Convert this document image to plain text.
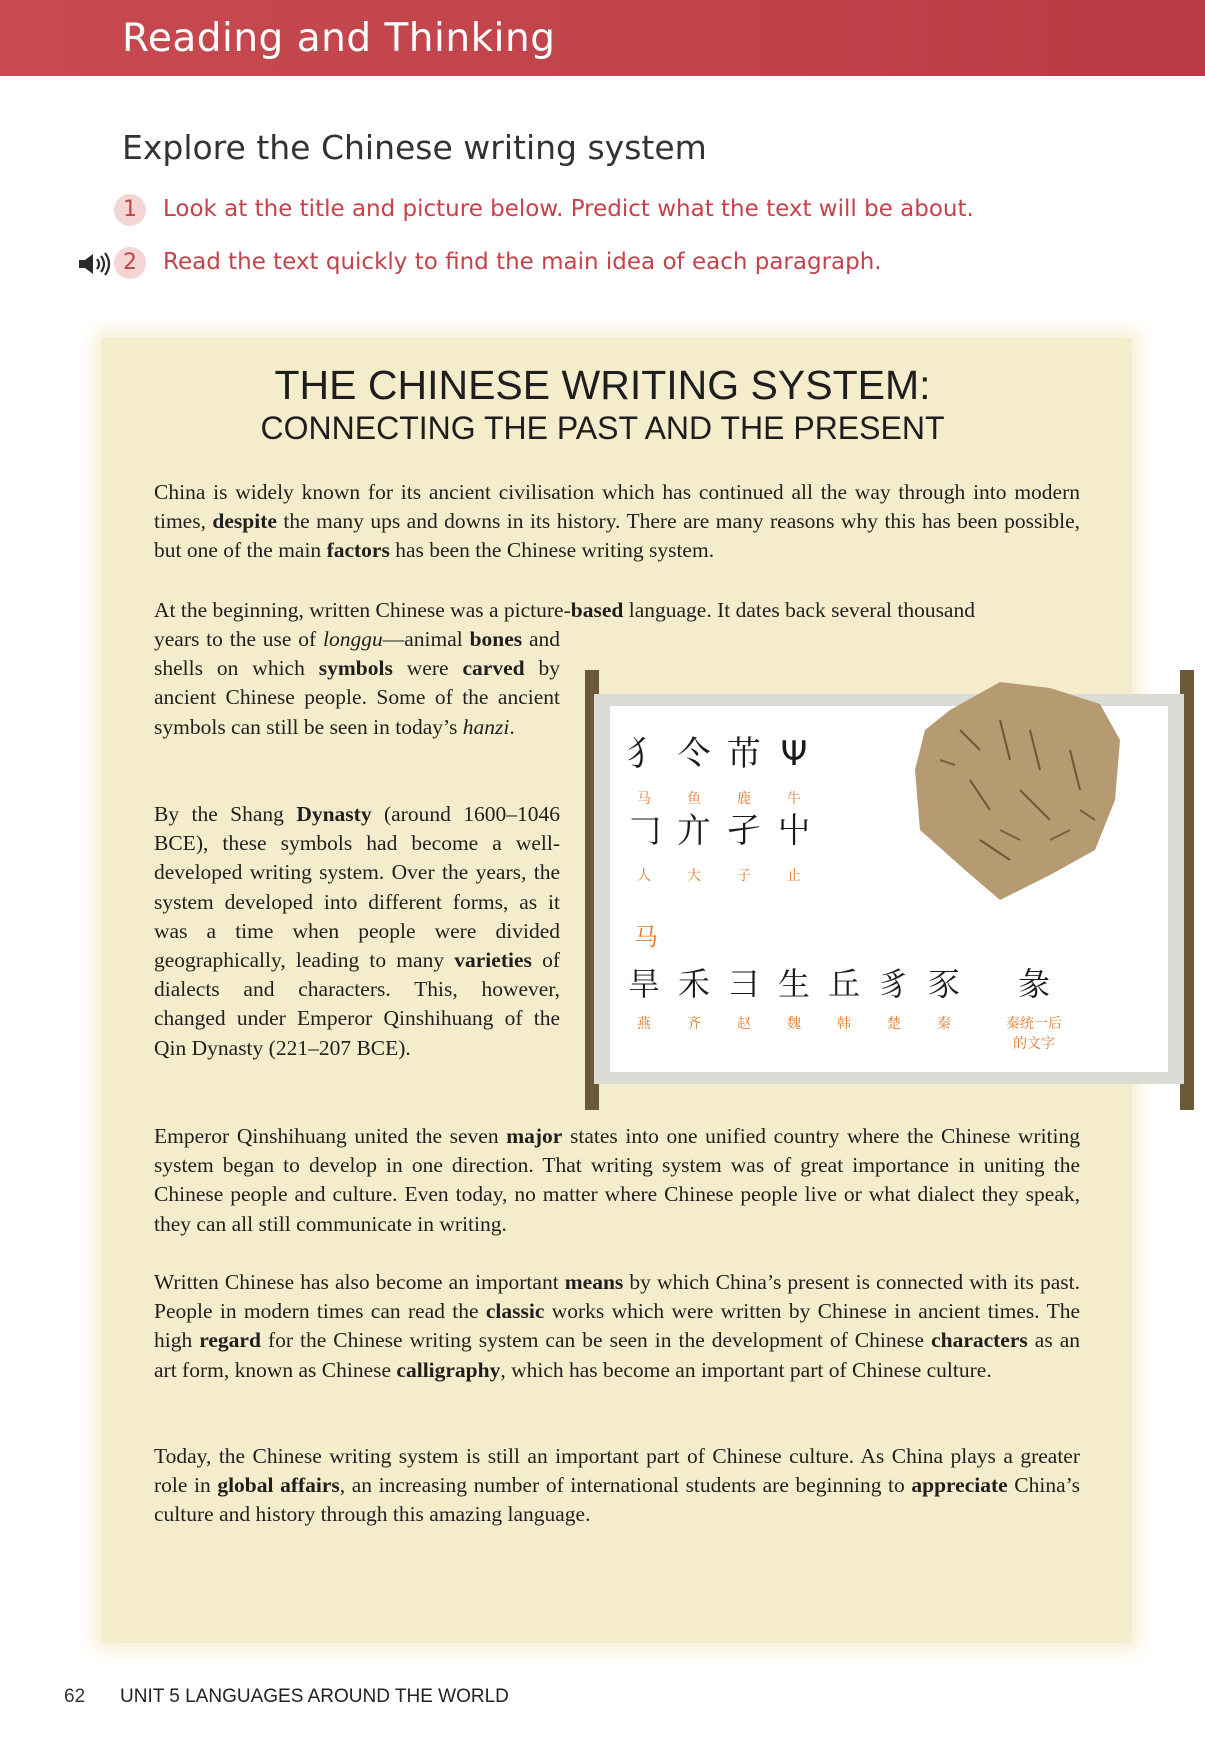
Reading and Thinking
Explore the Chinese writing system
1	Look at the title and picture below. Predict what the text will be about.
2	Read the text quickly to find the main idea of each paragraph.
THE CHINESE WRITING SYSTEM:
CONNECTING THE PAST AND THE PRESENT
China is widely known for its ancient civilisation which has continued all the way through into modern times, despite the many ups and downs in its history. There are many reasons why this has been possible, but one of the main factors has been the Chinese writing system.
At the beginning, written Chinese was a picture-based language. It dates back several thousand
years to the use of longgu—animal bones and shells on which symbols were carved by ancient Chinese people. Some of the ancient symbols can still be seen in today’s hanzi.
By the Shang Dynasty (around 1600–1046 BCE), these symbols had become a well-developed writing system. Over the years, the system developed into different forms, as it was a time when people were divided geographically, leading to many varieties of dialects and characters. This, however, changed under Emperor Qinshihuang of the Qin Dynasty (221–207 BCE).
犭 仒 芇 Ψ
𠃌 亣 孑 屮
马	鱼	鹿	牛
人	大	子	止
马
旱 禾 彐 生 丘 豸 豕 彖
燕	齐	赵	魏	韩	楚	秦	秦统一后
的文字
Emperor Qinshihuang united the seven major states into one unified country where the Chinese writing system began to develop in one direction. That writing system was of great importance in uniting the Chinese people and culture. Even today, no matter where Chinese people live or what dialect they speak, they can all still communicate in writing.
Written Chinese has also become an important means by which China’s present is connected with its past. People in modern times can read the classic works which were written by Chinese in ancient times. The high regard for the Chinese writing system can be seen in the development of Chinese characters as an art form, known as Chinese calligraphy, which has become an important part of Chinese culture.
Today, the Chinese writing system is still an important part of Chinese culture. As China plays a greater role in global affairs, an increasing number of international students are beginning to appreciate China’s culture and history through this amazing language.
62 UNIT 5 LANGUAGES AROUND THE WORLD
